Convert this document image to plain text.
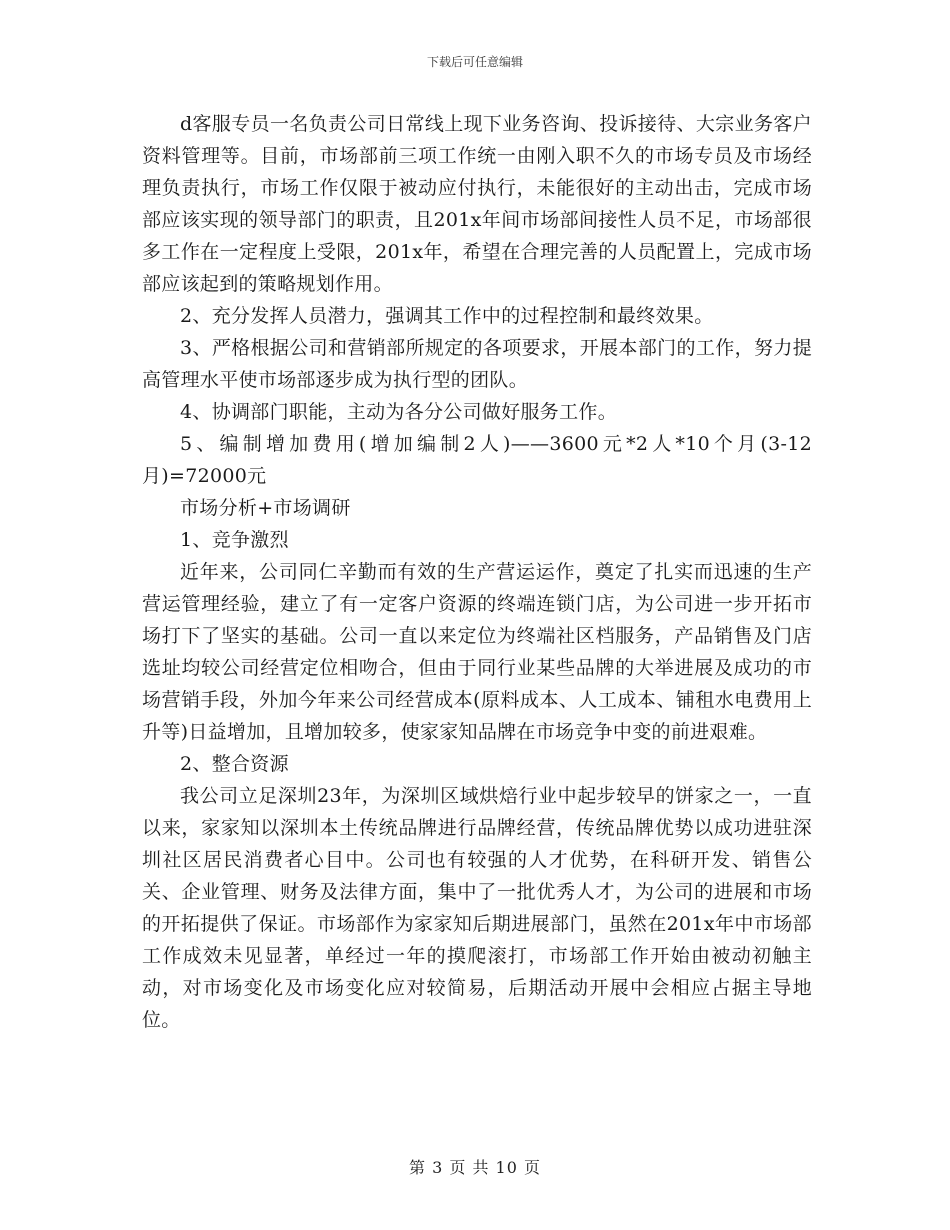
下载后可任意编辑

d客服专员一名负责公司日常线上现下业务咨询、投诉接待、大宗业务客户资料管理等。目前，市场部前三项工作统一由刚入职不久的市场专员及市场经理负责执行，市场工作仅限于被动应付执行，未能很好的主动出击，完成市场部应该实现的领导部门的职责，且201x年间市场部间接性人员不足，市场部很多工作在一定程度上受限，201x年，希望在合理完善的人员配置上，完成市场部应该起到的策略规划作用。

2、充分发挥人员潜力，强调其工作中的过程控制和最终效果。

3、严格根据公司和营销部所规定的各项要求，开展本部门的工作，努力提高管理水平使市场部逐步成为执行型的团队。

4、协调部门职能，主动为各分公司做好服务工作。

5、编制增加费用(增加编制2人)——3600元*2人*10个月(3-12月)=72000元

市场分析+市场调研

1、竞争激烈

近年来，公司同仁辛勤而有效的生产营运运作，奠定了扎实而迅速的生产营运管理经验，建立了有一定客户资源的终端连锁门店，为公司进一步开拓市场打下了坚实的基础。公司一直以来定位为终端社区档服务，产品销售及门店选址均较公司经营定位相吻合，但由于同行业某些品牌的大举进展及成功的市场营销手段，外加今年来公司经营成本(原料成本、人工成本、铺租水电费用上升等)日益增加，且增加较多，使家家知品牌在市场竞争中变的前进艰难。

2、整合资源

我公司立足深圳23年，为深圳区域烘焙行业中起步较早的饼家之一，一直以来，家家知以深圳本土传统品牌进行品牌经营，传统品牌优势以成功进驻深圳社区居民消费者心目中。公司也有较强的人才优势，在科研开发、销售公关、企业管理、财务及法律方面，集中了一批优秀人才，为公司的进展和市场的开拓提供了保证。市场部作为家家知后期进展部门，虽然在201x年中市场部工作成效未见显著，单经过一年的摸爬滚打，市场部工作开始由被动初触主动，对市场变化及市场变化应对较简易，后期活动开展中会相应占据主导地位。

第 3 页 共 10 页
